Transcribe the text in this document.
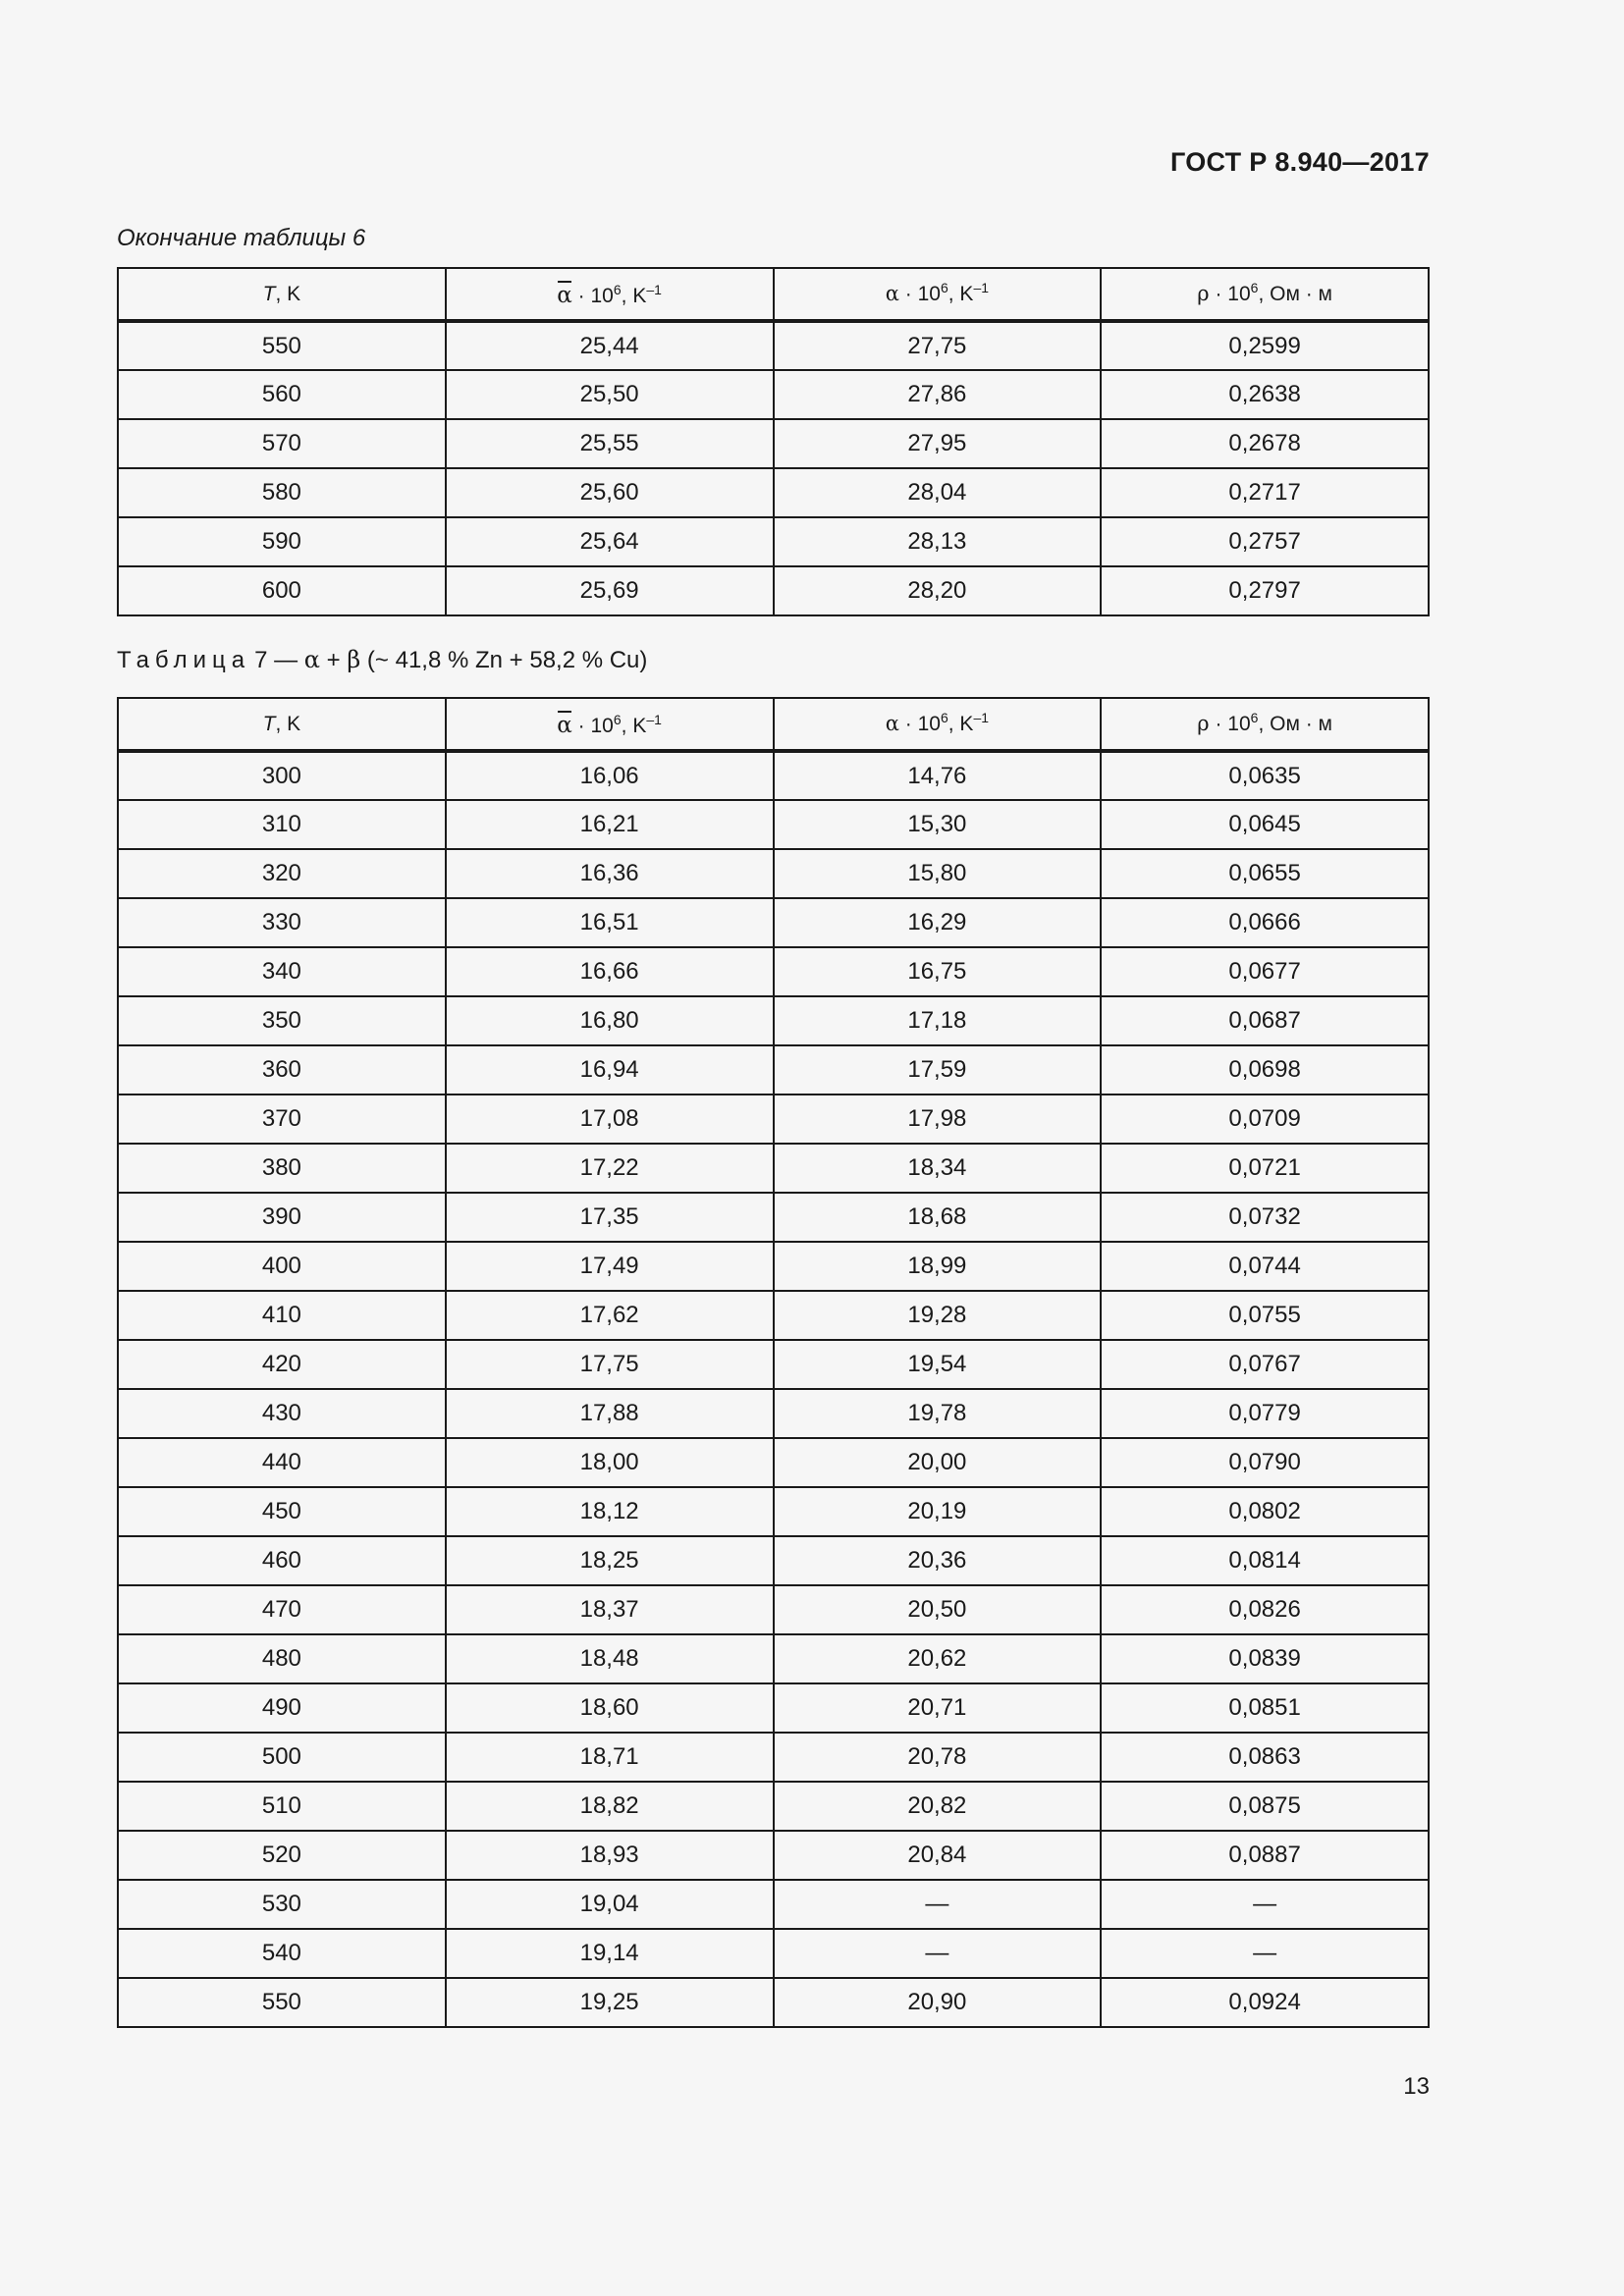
ГОСТ Р 8.940—2017
Окончание таблицы 6
T, K	$\alpha \cdot 10^6$, $K^{-1}$	$\alpha \cdot 10^6$, $K^{-1}$	$\rho \cdot 10^6$, Ом · м
550	25,44	27,75	0,2599
560	25,50	27,86	0,2638
570	25,55	27,95	0,2678
580	25,60	28,04	0,2717
590	25,64	28,13	0,2757
600	25,69	28,20	0,2797
Таблица 7 — α + β (~ 41,8 % Zn + 58,2 % Cu)
T, K	$\alpha \cdot 10^6$, $K^{-1}$	$\alpha \cdot 10^6$, $K^{-1}$	$\rho \cdot 10^6$, Ом · м
300	16,06	14,76	0,0635
310	16,21	15,30	0,0645
320	16,36	15,80	0,0655
330	16,51	16,29	0,0666
340	16,66	16,75	0,0677
350	16,80	17,18	0,0687
360	16,94	17,59	0,0698
370	17,08	17,98	0,0709
380	17,22	18,34	0,0721
390	17,35	18,68	0,0732
400	17,49	18,99	0,0744
410	17,62	19,28	0,0755
420	17,75	19,54	0,0767
430	17,88	19,78	0,0779
440	18,00	20,00	0,0790
450	18,12	20,19	0,0802
460	18,25	20,36	0,0814
470	18,37	20,50	0,0826
480	18,48	20,62	0,0839
490	18,60	20,71	0,0851
500	18,71	20,78	0,0863
510	18,82	20,82	0,0875
520	18,93	20,84	0,0887
530	19,04	—	—
540	19,14	—	—
550	19,25	20,90	0,0924
13
